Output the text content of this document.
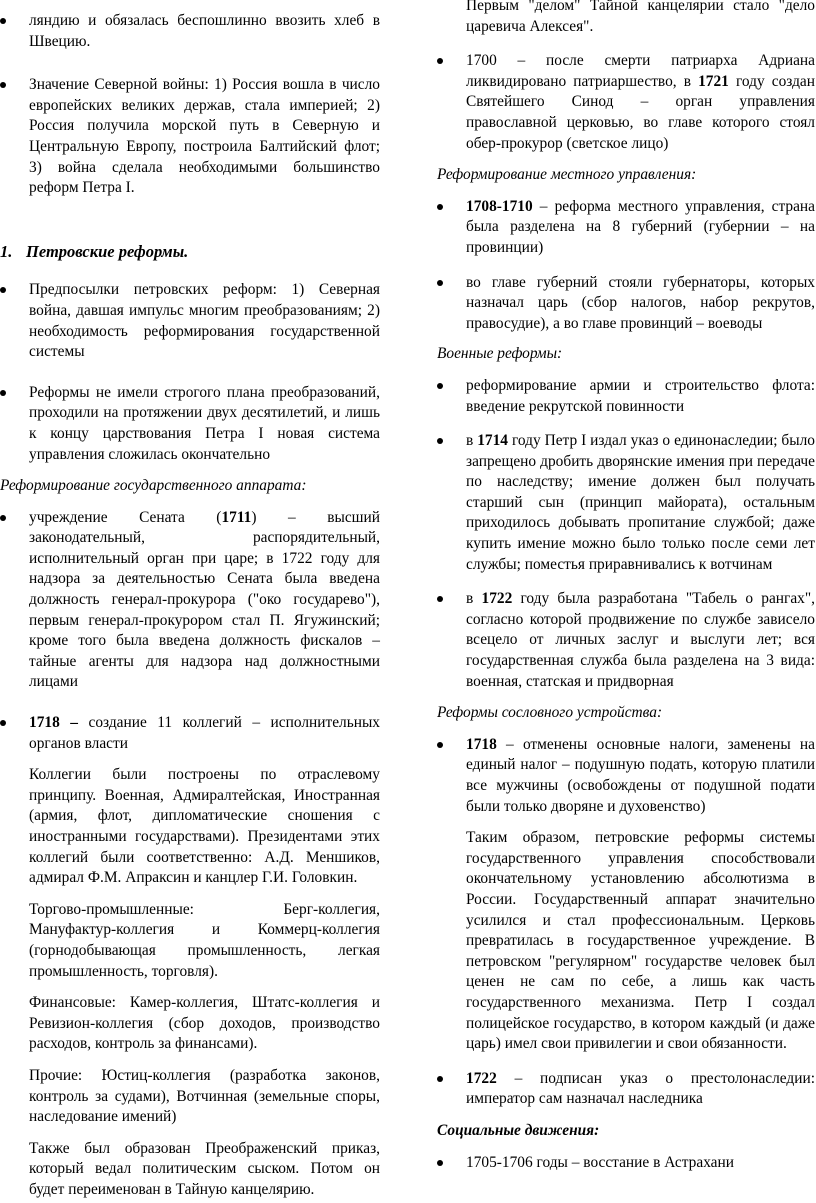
ляндию и обязалась беспошлинно ввозить хлеб в Швецию.

Значение Северной войны: 1) Россия вошла в число европейских великих держав, стала империей; 2) Россия получила морской путь в Северную и Центральную Европу, построила Балтийский флот; 3) война сделала необходимыми большинство реформ Петра I.

1. Петровские реформы.

Предпосылки петровских реформ: 1) Северная война, давшая импульс многим преобразованиям; 2) необходимость реформирования государственной системы

Реформы не имели строгого плана преобразований, проходили на протяжении двух десятилетий, и лишь к концу царствования Петра I новая система управления сложилась окончательно

Реформирование государственного аппарата:

учреждение Сената (1711) – высший законодательный, распорядительный, исполнительный орган при царе; в 1722 году для надзора за деятельностью Сената была введена должность генерал-прокурора ("око государево"), первым генерал-прокурором стал П. Ягужинский; кроме того была введена должность фискалов – тайные агенты для надзора над должностными лицами

1718 – создание 11 коллегий – исполнительных органов власти

Коллегии были построены по отраслевому принципу. Военная, Адмиралтейская, Иностранная (армия, флот, дипломатические сношения с иностранными государствами). Президентами этих коллегий были соответственно: А.Д. Меншиков, адмирал Ф.М. Апраксин и канцлер Г.И. Головкин.

Торгово-промышленные: Берг-коллегия, Мануфактур-коллегия и Коммерц-коллегия (горнодобывающая промышленность, легкая промышленность, торговля).

Финансовые: Камер-коллегия, Штатс-коллегия и Ревизион-коллегия (сбор доходов, производство расходов, контроль за финансами).

Прочие: Юстиц-коллегия (разработка законов, контроль за судами), Вотчинная (земельные споры, наследование имений)

Также был образован Преображенский приказ, который ведал политическим сыском. Потом он будет переименован в Тайную канцелярию.

Первым "делом" Тайной канцелярии стало "дело царевича Алексея".

1700 – после смерти патриарха Адриана ликвидировано патриаршество, в 1721 году создан Святейшего Синод – орган управления православной церковью, во главе которого стоял обер-прокурор (светское лицо)

Реформирование местного управления:

1708-1710 – реформа местного управления, страна была разделена на 8 губерний (губернии – на провинции)

во главе губерний стояли губернаторы, которых назначал царь (сбор налогов, набор рекрутов, правосудие), а во главе провинций – воеводы

Военные реформы:

реформирование армии и строительство флота: введение рекрутской повинности

в 1714 году Петр I издал указ о единонаследии; было запрещено дробить дворянские имения при передаче по наследству; имение должен был получать старший сын (принцип майората), остальным приходилось добывать пропитание службой; даже купить имение можно было только после семи лет службы; поместья приравнивались к вотчинам

в 1722 году была разработана "Табель о рангах", согласно которой продвижение по службе зависело всецело от личных заслуг и выслуги лет; вся государственная служба была разделена на 3 вида: военная, статская и придворная

Реформы сословного устройства:

1718 – отменены основные налоги, заменены на единый налог – подушную подать, которую платили все мужчины (освобождены от подушной подати были только дворяне и духовенство)

Таким образом, петровские реформы системы государственного управления способствовали окончательному установлению абсолютизма в России. Государственный аппарат значительно усилился и стал профессиональным. Церковь превратилась в государственное учреждение. В петровском "регулярном" государстве человек был ценен не сам по себе, а лишь как часть государственного механизма. Петр I создал полицейское государство, в котором каждый (и даже царь) имел свои привилегии и свои обязанности.

1722 – подписан указ о престолонаследии: император сам назначал наследника

Социальные движения:

1705-1706 годы – восстание в Астрахани
